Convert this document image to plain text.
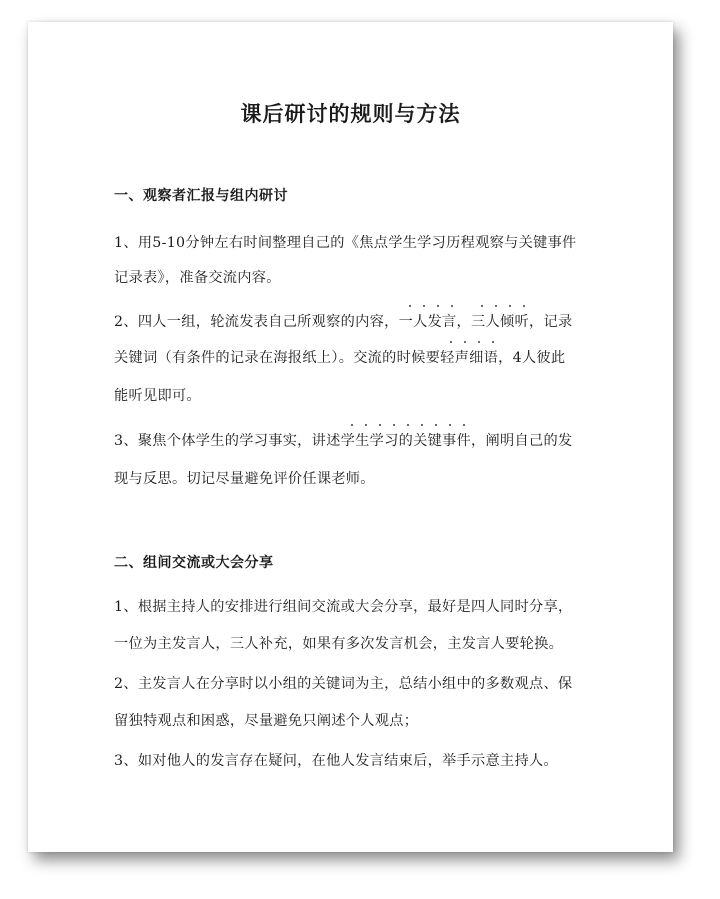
课后研讨的规则与方法
一、观察者汇报与组内研讨

1、用5-10分钟左右时间整理自己的《焦点学生学习历程观察与关键事件

记录表》，准备交流内容。

2、四人一组，轮流发表自己所观察的内容，一人发言，三人倾听，记录

关键词（有条件的记录在海报纸上）。交流的时候要轻声细语，4人彼此

能听见即可。

3、聚焦个体学生的学习事实，讲述学生学习的关键事件，阐明自己的发

现与反思。切记尽量避免评价任课老师。

二、组间交流或大会分享

1、根据主持人的安排进行组间交流或大会分享，最好是四人同时分享，

一位为主发言人，三人补充，如果有多次发言机会，主发言人要轮换。

2、主发言人在分享时以小组的关键词为主，总结小组中的多数观点、保

留独特观点和困惑，尽量避免只阐述个人观点；

3、如对他人的发言存在疑问，在他人发言结束后，举手示意主持人。
